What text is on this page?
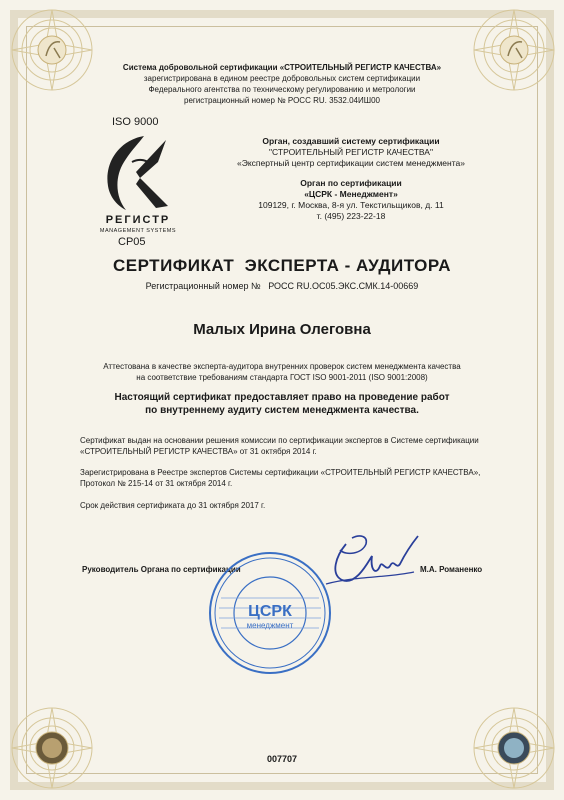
Система добровольной сертификации «СТРОИТЕЛЬНЫЙ РЕГИСТР КАЧЕСТВА»
зарегистрирована в едином реестре добровольных систем сертификации
Федерального агентства по техническому регулированию и метрологии
регистрационный номер № РОСС RU. 3532.04ИШ00
ISO 9000
РЕГИСТР
MANAGEMENT SYSTEMS
СР05
Орган, создавший систему сертификации
"СТРОИТЕЛЬНЫЙ РЕГИСТР КАЧЕСТВА"
«Экспертный центр сертификации систем менеджмента»
Орган по сертификации
«ЦСРК - Менеджмент»
109129, г. Москва, 8-я ул. Текстильщиков, д. 11
т. (495) 223-22-18
СЕРТИФИКАТ  ЭКСПЕРТА - АУДИТОРА
Регистрационный номер № РОСС RU.ОС05.ЭКС.СМК.14-00669
Малых Ирина Олеговна
Аттестована в качестве эксперта-аудитора внутренних проверок систем менеджмента качества
на соответствие требованиям стандарта ГОСТ ISO 9001-2011 (ISO 9001:2008)
Настоящий сертификат предоставляет право на проведение работ
по внутреннему аудиту систем менеджмента качества.
Сертификат выдан на основании решения комиссии по сертификации экспертов в Системе сертификации
«СТРОИТЕЛЬНЫЙ РЕГИСТР КАЧЕСТВА» от 31 октября 2014 г.
Зарегистрирована в Реестре экспертов Системы сертификации «СТРОИТЕЛЬНЫЙ РЕГИСТР КАЧЕСТВА»,
Протокол № 215-14 от 31 октября 2014 г.
Срок действия сертификата до 31 октября 2017 г.
Руководитель Органа по сертификации	М.А. Романенко
ЦСРК
менеджмент
007707
